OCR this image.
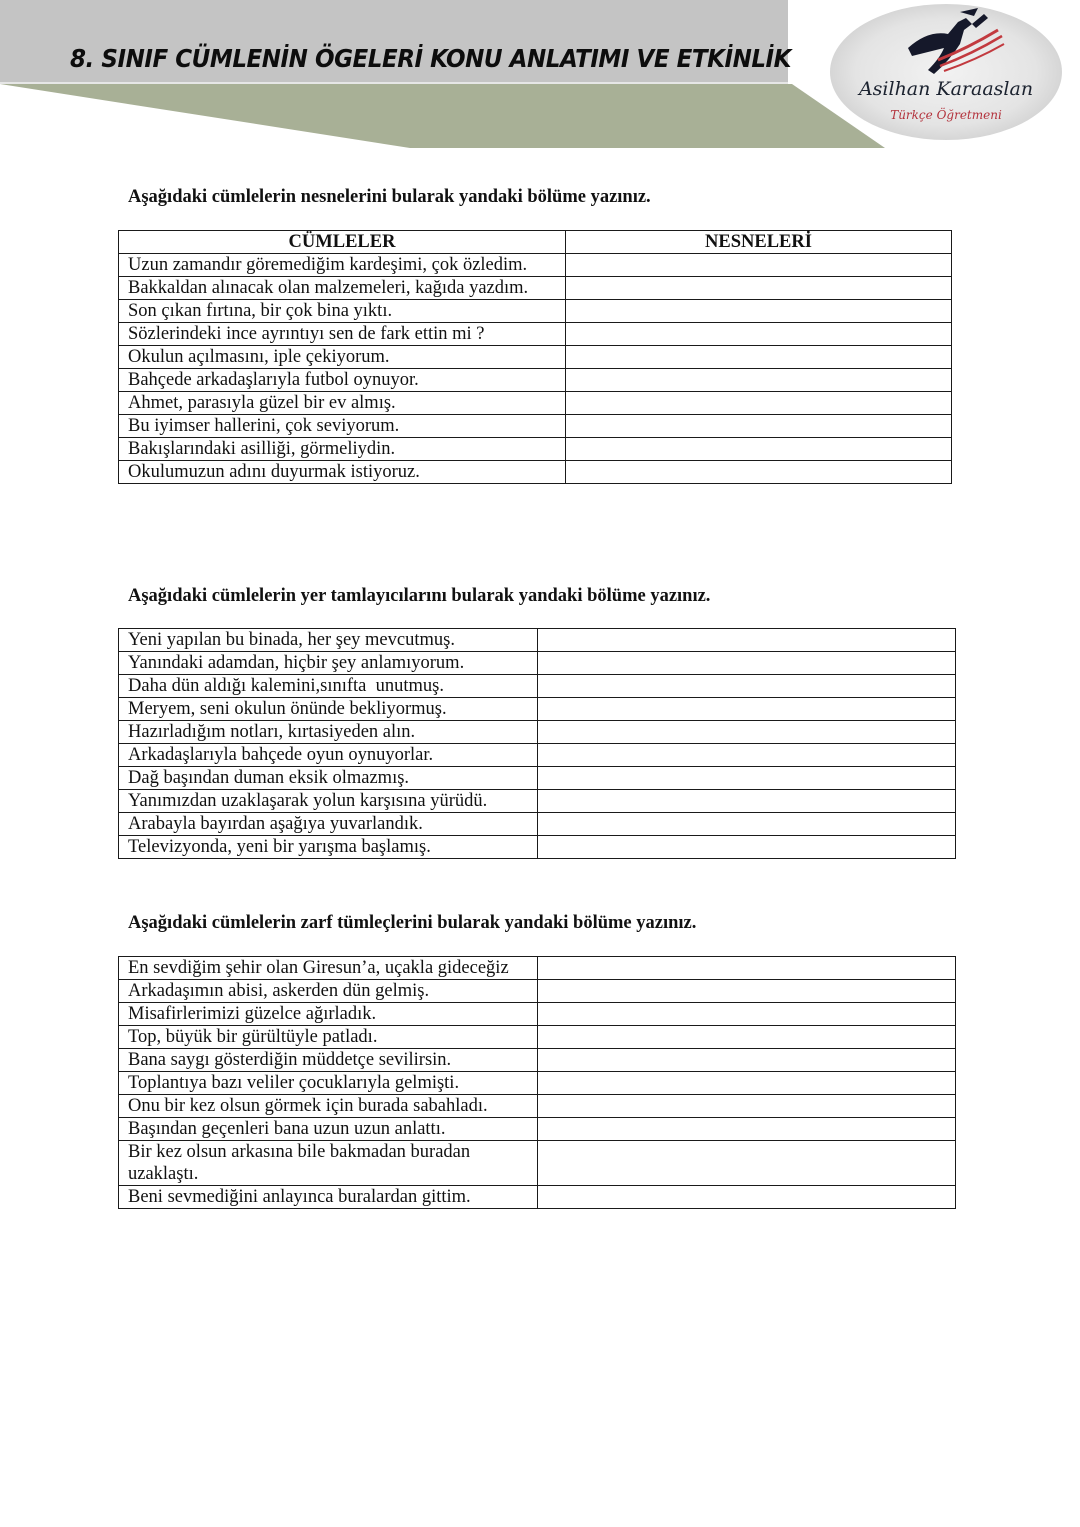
8. SINIF CÜMLENİN ÖGELERİ KONU ANLATIMI VE ETKİNLİK
Asilhan Karaaslan
Türkçe Öğretmeni
Aşağıdaki cümlelerin nesnelerini bularak yandaki bölüme yazınız.
CÜMLELER	NESNELERİ
Uzun zamandır göremediğim kardeşimi, çok özledim.	
Bakkaldan alınacak olan malzemeleri, kağıda yazdım.	
Son çıkan fırtına, bir çok bina yıktı.	
Sözlerindeki ince ayrıntıyı sen de fark ettin mi ?	
Okulun açılmasını, iple çekiyorum.	
Bahçede arkadaşlarıyla futbol oynuyor.	
Ahmet, parasıyla güzel bir ev almış.	
Bu iyimser hallerini, çok seviyorum.	
Bakışlarındaki asilliği, görmeliydin.	
Okulumuzun adını duyurmak istiyoruz.	
Aşağıdaki cümlelerin yer tamlayıcılarını bularak yandaki bölüme yazınız.
Yeni yapılan bu binada, her şey mevcutmuş.	
Yanındaki adamdan, hiçbir şey anlamıyorum.	
Daha dün aldığı kalemini,sınıfta  unutmuş.	
Meryem, seni okulun önünde bekliyormuş.	
Hazırladığım notları, kırtasiyeden alın.	
Arkadaşlarıyla bahçede oyun oynuyorlar.	
Dağ başından duman eksik olmazmış.	
Yanımızdan uzaklaşarak yolun karşısına yürüdü.	
Arabayla bayırdan aşağıya yuvarlandık.	
Televizyonda, yeni bir yarışma başlamış.	
Aşağıdaki cümlelerin zarf tümleçlerini bularak yandaki bölüme yazınız.
En sevdiğim şehir olan Giresun’a, uçakla gideceğiz	
Arkadaşımın abisi, askerden dün gelmiş.	
Misafirlerimizi güzelce ağırladık.	
Top, büyük bir gürültüyle patladı.	
Bana saygı gösterdiğin müddetçe sevilirsin.	
Toplantıya bazı veliler çocuklarıyla gelmişti.	
Onu bir kez olsun görmek için burada sabahladı.	
Başından geçenleri bana uzun uzun anlattı.	
Bir kez olsun arkasına bile bakmadan buradan uzaklaştı.	
Beni sevmediğini anlayınca buralardan gittim.	
